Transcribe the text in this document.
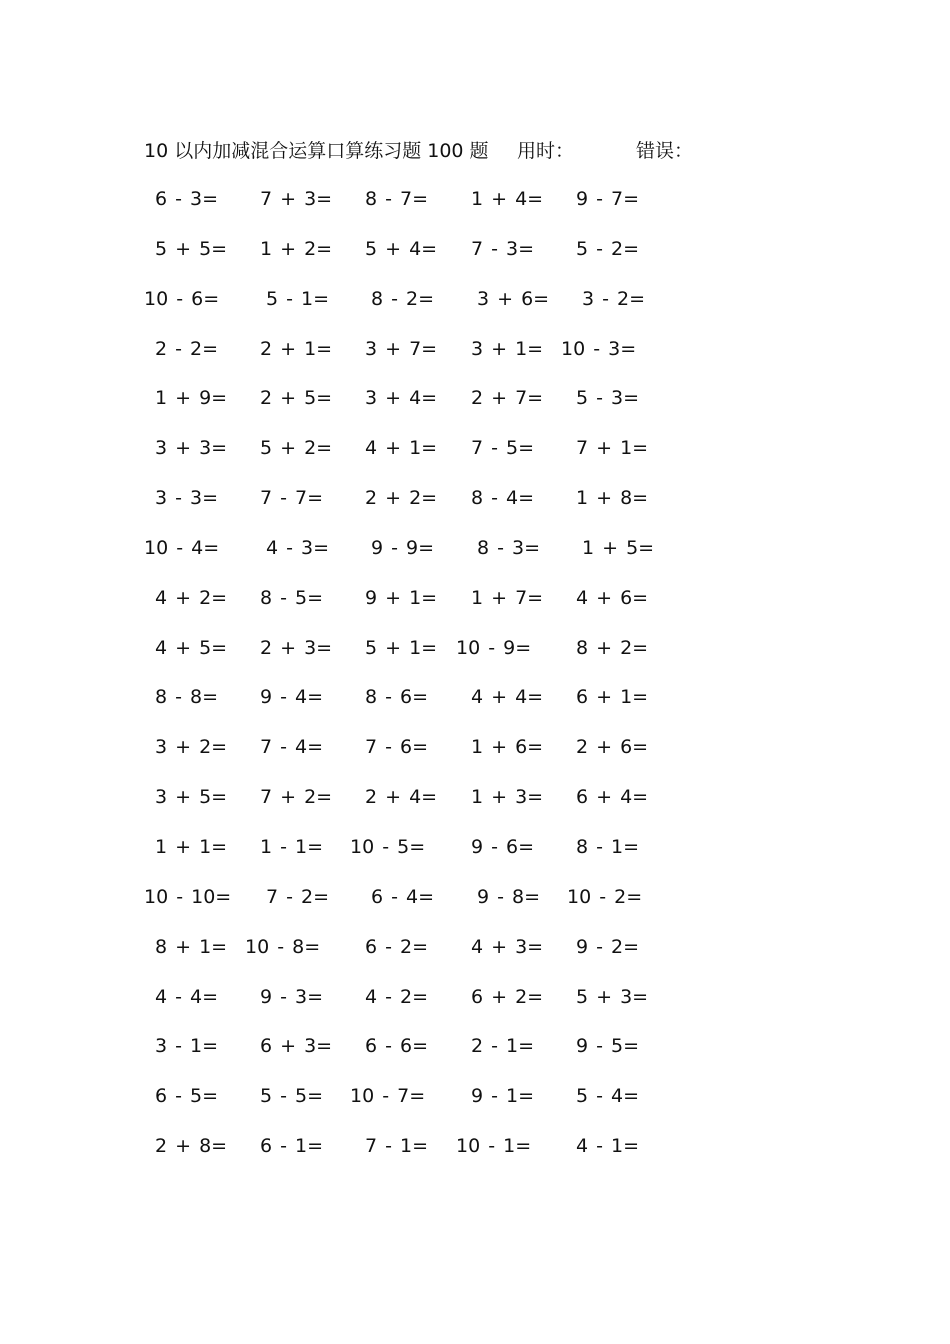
10 以内加减混合运算口算练习题 100 题 用时：	错误：
6 - 3= 7 + 3= 8 - 7= 1 + 4= 9 - 7=
5 + 5= 1 + 2= 5 + 4= 7 - 3= 5 - 2=
10 - 6= 5 - 1= 8 - 2= 3 + 6= 3 - 2=
2 - 2= 2 + 1= 3 + 7= 3 + 1= 10 - 3=
1 + 9= 2 + 5= 3 + 4= 2 + 7= 5 - 3=
3 + 3= 5 + 2= 4 + 1= 7 - 5= 7 + 1=
3 - 3= 7 - 7= 2 + 2= 8 - 4= 1 + 8=
10 - 4= 4 - 3= 9 - 9= 8 - 3= 1 + 5=
4 + 2= 8 - 5= 9 + 1= 1 + 7= 4 + 6=
4 + 5= 2 + 3= 5 + 1= 10 - 9= 8 + 2=
8 - 8= 9 - 4= 8 - 6= 4 + 4= 6 + 1=
3 + 2= 7 - 4= 7 - 6= 1 + 6= 2 + 6=
3 + 5= 7 + 2= 2 + 4= 1 + 3= 6 + 4=
1 + 1= 1 - 1= 10 - 5= 9 - 6= 8 - 1=
10 - 10= 7 - 2= 6 - 4= 9 - 8= 10 - 2=
8 + 1= 10 - 8= 6 - 2= 4 + 3= 9 - 2=
4 - 4= 9 - 3= 4 - 2= 6 + 2= 5 + 3=
3 - 1= 6 + 3= 6 - 6= 2 - 1= 9 - 5=
6 - 5= 5 - 5= 10 - 7= 9 - 1= 5 - 4=
2 + 8= 6 - 1= 7 - 1= 10 - 1= 4 - 1=
